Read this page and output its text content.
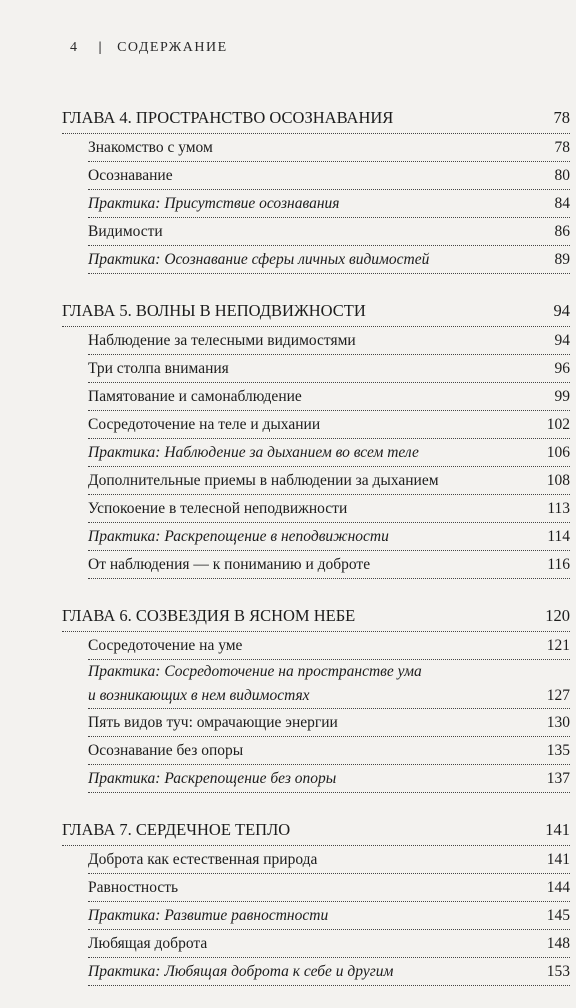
4 | СОДЕРЖАНИЕ
ГЛАВА 4. ПРОСТРАНСТВО ОСОЗНАВАНИЯ	78
Знакомство с умом	78
Осознавание	80
Практика: Присутствие осознавания	84
Видимости	86
Практика: Осознавание сферы личных видимостей	89
ГЛАВА 5. ВОЛНЫ В НЕПОДВИЖНОСТИ	94
Наблюдение за телесными видимостями	94
Три столпа внимания	96
Памятование и самонаблюдение	99
Сосредоточение на теле и дыхании	102
Практика: Наблюдение за дыханием во всем теле	106
Дополнительные приемы в наблюдении за дыханием	108
Успокоение в телесной неподвижности	113
Практика: Раскрепощение в неподвижности	114
От наблюдения — к пониманию и доброте	116
ГЛАВА 6. СОЗВЕЗДИЯ В ЯСНОМ НЕБЕ	120
Сосредоточение на уме	121
Практика: Сосредоточение на пространстве ума
и возникающих в нем видимостях	127
Пять видов туч: омрачающие энергии	130
Осознавание без опоры	135
Практика: Раскрепощение без опоры	137
ГЛАВА 7. СЕРДЕЧНОЕ ТЕПЛО	141
Доброта как естественная природа	141
Равностность	144
Практика: Развитие равностности	145
Любящая доброта	148
Практика: Любящая доброта к себе и другим	153
